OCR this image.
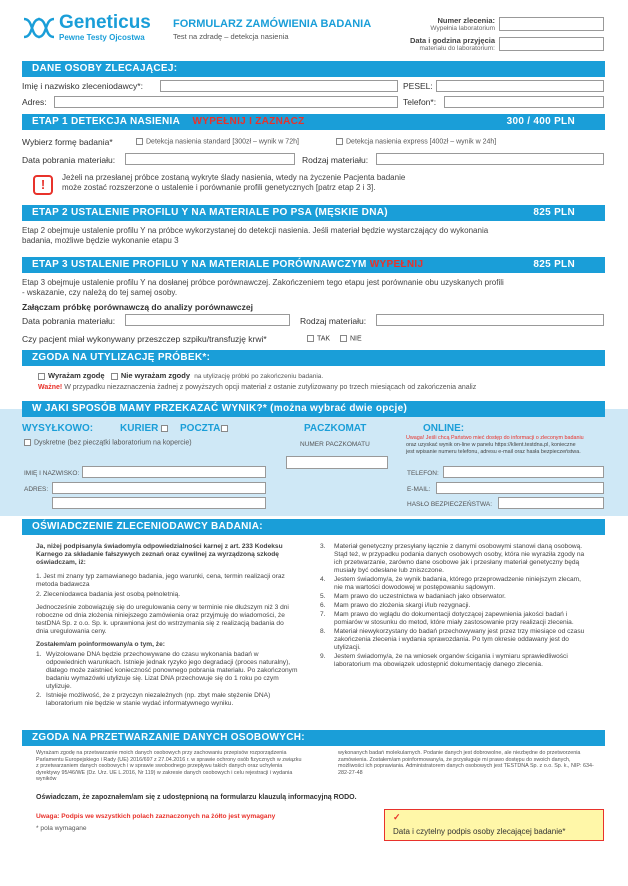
Geneticus
Pewne Testy Ojcostwa
FORMULARZ ZAMÓWIENIA BADANIA
Test na zdradę – detekcja nasienia
Numer zlecenia:
Wypełnia laboratorium
Data i godzina przyjęcia
materiału do laboratorium:
DANE OSOBY ZLECAJĄCEJ:
Imię i nazwisko zleceniodawcy*:	PESEL:
Adres:	Telefon*:
ETAP 1 DETEKCJA NASIENIA WYPEŁNIJ I ZAZNACZ	300 / 400 PLN
Wybierz formę badania*	Detekcja nasienia standard [300zł – wynik w 72h]	Detekcja nasienia express [400zł – wynik w 24h]
Data pobrania materiału:	Rodzaj materiału:
!	Jeżeli na przesłanej próbce zostaną wykryte ślady nasienia, wtedy na życzenie Pacjenta badanie
może zostać rozszerzone o ustalenie i porównanie profili genetycznych [patrz etap 2 i 3].
ETAP 2 USTALENIE PROFILU Y NA MATERIALE PO PSA (MĘSKIE DNA)	825 PLN
Etap 2 obejmuje ustalenie profilu Y na próbce wykorzystanej do detekcji nasienia. Jeśli materiał będzie wystarczający do wykonania
badania, możliwe będzie wykonanie etapu 3
ETAP 3 USTALENIE PROFILU Y NA MATERIALE PORÓWNAWCZYM WYPEŁNIJ	825 PLN
Etap 3 obejmuje ustalenie profilu Y na dosłanej próbce porównawczej. Zakończeniem tego etapu jest porównanie obu uzyskanych profili
- wskazanie, czy należą do tej samej osoby.
Załączam próbkę porównawczą do analizy porównawczej
Data pobrania materiału:	Rodzaj materiału:
Czy pacjent miał wykonywany przeszczep szpiku/transfuzję krwi*	TAK	NIE
ZGODA NA UTYLIZACJĘ PRÓBEK*:
Wyrażam zgodę Nie wyrażam zgody na utylizację próbki po zakończeniu badania.
Ważne! W przypadku niezaznaczenia żadnej z powyższych opcji materiał z ostanie zutylizowany po trzech miesiącach od zakończenia analiz
W JAKI SPOSÓB MAMY PRZEKAZAĆ WYNIK?* (można wybrać dwie opcje)
WYSYŁKOWO:	KURIER	POCZTA
Dyskretne (bez pieczątki laboratorium na kopercie)
PACZKOMAT
NUMER PACZKOMATU
ONLINE:
Uwaga! Jeśli chcą Państwo mieć dostęp do informacji o zleconym badaniu
oraz uzyskać wynik on-line w panelu https://klient.testdna.pl, konieczne
jest wpisanie numeru telefonu, adresu e-mail oraz hasła bezpieczeństwa.
IMIĘ I NAZWISKO:
ADRES:
TELEFON:
E-MAIL:
HASŁO BEZPIECZEŃSTWA:
OŚWIADCZENIE ZLECENIODAWCY BADANIA:
Ja, niżej podpisany/a świadomy/a odpowiedzialności karnej z art. 233 Kodeksu Karnego za składanie fałszywych zeznań oraz cywilnej za wyrządzoną szkodę oświadczam, iż:
1. Jest mi znany typ zamawianego badania, jego warunki, cena, termin realizacji oraz metoda badawcza
2. Zleceniodawca badania jest osobą pełnoletnią.
Jednocześnie zobowiązuję się do uregulowania ceny w terminie nie dłuższym niż 3 dni roboczne od dnia złożenia niniejszego zamówienia oraz przyjmuję do wiadomości, że testDNA Sp. z o.o. Sp. k. uprawniona jest do wstrzymania się z realizacją badania do dnia uregulowania ceny.
Zostałem/am poinformowany/a o tym, że:
1. Wyizolowane DNA będzie przechowywane do czasu wykonania badań w odpowiednich warunkach. Istnieje jednak ryzyko jego degradacji (proces naturalny), dlatego może zaistnieć konieczność ponownego pobrania materiału. Po zakończonym badaniu wymazówki utylizuje się. Lizat DNA przechowuje się do 1 roku po czym utylizuje.
2. Istnieje możliwość, że z przyczyn niezależnych (np. zbyt małe stężenie DNA) laboratorium nie będzie w stanie wydać informatywnego wyniku.
3. Materiał genetyczny przesyłany łącznie z danymi osobowymi stanowi daną osobową. Stąd też, w przypadku podania danych osobowych osoby, która nie wyraziła zgody na ich przetwarzanie, zarówno dane osobowe jak i przesłany materiał genetyczny będą musiały być odesłane lub zniszczone.
4. Jestem świadomy/a, że wynik badania, którego przeprowadzenie niniejszym zlecam, nie ma wartości dowodowej w postępowaniu sądowym.
5. Mam prawo do uczestnictwa w badaniach jako obserwator.
6. Mam prawo do złożenia skargi i/lub rezygnacji.
7. Mam prawo do wglądu do dokumentacji dotyczącej zapewnienia jakości badań i pomiarów w stosunku do metod, które miały zastosowanie przy realizacji zlecenia.
8. Materiał niewykorzystany do badań przechowywany jest przez trzy miesiące od czasu zakończenia zlecenia i wydania sprawozdania. Po tym okresie oddawany jest do utylizacji.
9. Jestem świadomy/a, że na wniosek organów ścigania i wymiaru sprawiedliwości laboratorium ma obowiązek udostępnić dokumentację danego zlecenia.
ZGODA NA PRZETWARZANIE DANYCH OSOBOWYCH:
Wyrażam zgodę na przetwarzanie moich danych osobowych przy zachowaniu przepisów rozporządzenia Parlamentu Europejskiego i Rady (UE) 2016/697 z 27.04.2016 r. w sprawie ochrony osób fizycznych w związku z przetwarzaniem danych osobowych i w sprawie swobodnego przepływu takich danych oraz uchylenia dyrektywy 95/46/WE (Dz. Urz. UE L.2016, Nr 119) w zakresie danych osobowych i celu rejestracji i wydania wyników
wykonanych badań molekularnych. Podanie danych jest dobrowolne, ale niezbędne do przetworzenia zamówienia. Zostałem/am poinformowany/a, że przysługuje mi prawo dostępu do swoich danych, możliwości ich poprawiania. Administratorem danych osobowych jest TESTDNA Sp. z o.o. Sp. k., NIP: 634-282-27-48
Oświadczam, że zapoznałem/am się z udostępnioną na formularzu klauzulą informacyjną RODO.
Uwaga: Podpis we wszystkich polach zaznaczonych na żółto jest wymagany
* pola wymagane
✓
Data i czytelny podpis osoby zlecającej badanie*
